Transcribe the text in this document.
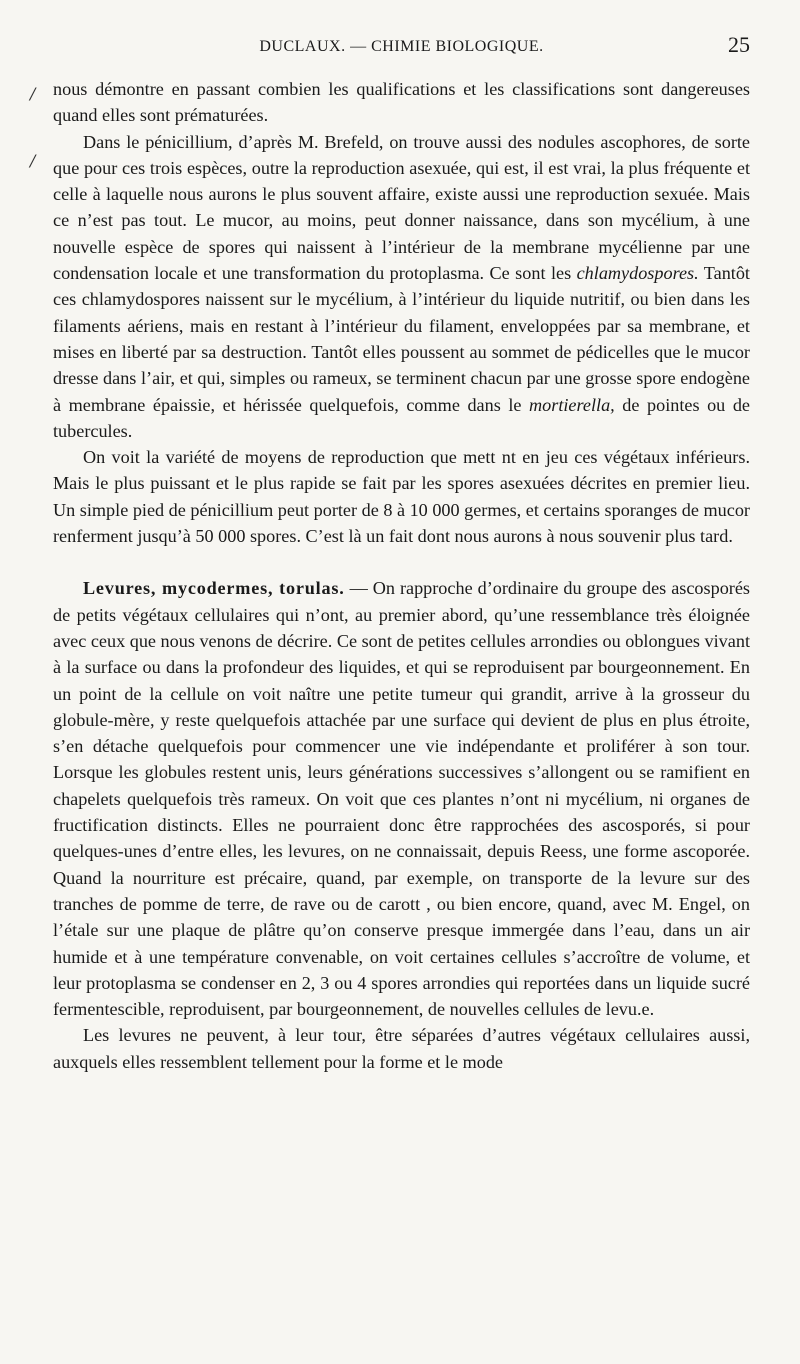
DUCLAUX. — CHIMIE BIOLOGIQUE.	25
/
/

nous démontre en passant combien les qualifications et les classifications sont dangereuses quand elles sont prématurées.

Dans le pénicillium, d’après M. Brefeld, on trouve aussi des nodules ascophores, de sorte que pour ces trois espèces, outre la reproduction asexuée, qui est, il est vrai, la plus fréquente et celle à laquelle nous aurons le plus souvent affaire, existe aussi une reproduction sexuée. Mais ce n’est pas tout. Le mucor, au moins, peut donner naissance, dans son mycélium, à une nouvelle espèce de spores qui naissent à l’intérieur de la membrane mycélienne par une condensation locale et une transformation du protoplasma. Ce sont les chlamydospores. Tantôt ces chlamydospores naissent sur le mycélium, à l’intérieur du liquide nutritif, ou bien dans les filaments aériens, mais en restant à l’intérieur du filament, enveloppées par sa membrane, et mises en liberté par sa destruction. Tantôt elles poussent au sommet de pédicelles que le mucor dresse dans l’air, et qui, simples ou rameux, se terminent chacun par une grosse spore endogène à membrane épaissie, et hérissée quelquefois, comme dans le mortierella, de pointes ou de tubercules.

On voit la variété de moyens de reproduction que mett nt en jeu ces végétaux inférieurs. Mais le plus puissant et le plus rapide se fait par les spores asexuées décrites en premier lieu. Un simple pied de pénicillium peut porter de 8 à 10 000 germes, et certains sporanges de mucor renferment jusqu’à 50 000 spores. C’est là un fait dont nous aurons à nous souvenir plus tard.

Levures, mycodermes, torulas. — On rapproche d’ordinaire du groupe des ascosporés de petits végétaux cellulaires qui n’ont, au premier abord, qu’une ressemblance très éloignée avec ceux que nous venons de décrire. Ce sont de petites cellules arrondies ou oblongues vivant à la surface ou dans la profondeur des liquides, et qui se reproduisent par bourgeonnement. En un point de la cellule on voit naître une petite tumeur qui grandit, arrive à la grosseur du globule-mère, y reste quelquefois attachée par une surface qui devient de plus en plus étroite, s’en détache quelquefois pour commencer une vie indépendante et proliférer à son tour. Lorsque les globules restent unis, leurs générations successives s’allongent ou se ramifient en chapelets quelquefois très rameux. On voit que ces plantes n’ont ni mycélium, ni organes de fructification distincts. Elles ne pourraient donc être rapprochées des ascosporés, si pour quelques-unes d’entre elles, les levures, on ne connaissait, depuis Reess, une forme ascoporée. Quand la nourriture est précaire, quand, par exemple, on transporte de la levure sur des tranches de pomme de terre, de rave ou de carott , ou bien encore, quand, avec M. Engel, on l’étale sur une plaque de plâtre qu’on conserve presque immergée dans l’eau, dans un air humide et à une température convenable, on voit certaines cellules s’accroître de volume, et leur protoplasma se condenser en 2, 3 ou 4 spores arrondies qui reportées dans un liquide sucré fermentescible, reproduisent, par bourgeonnement, de nouvelles cellules de levu.e.

Les levures ne peuvent, à leur tour, être séparées d’autres végétaux cellulaires aussi, auxquels elles ressemblent tellement pour la forme et le mode
